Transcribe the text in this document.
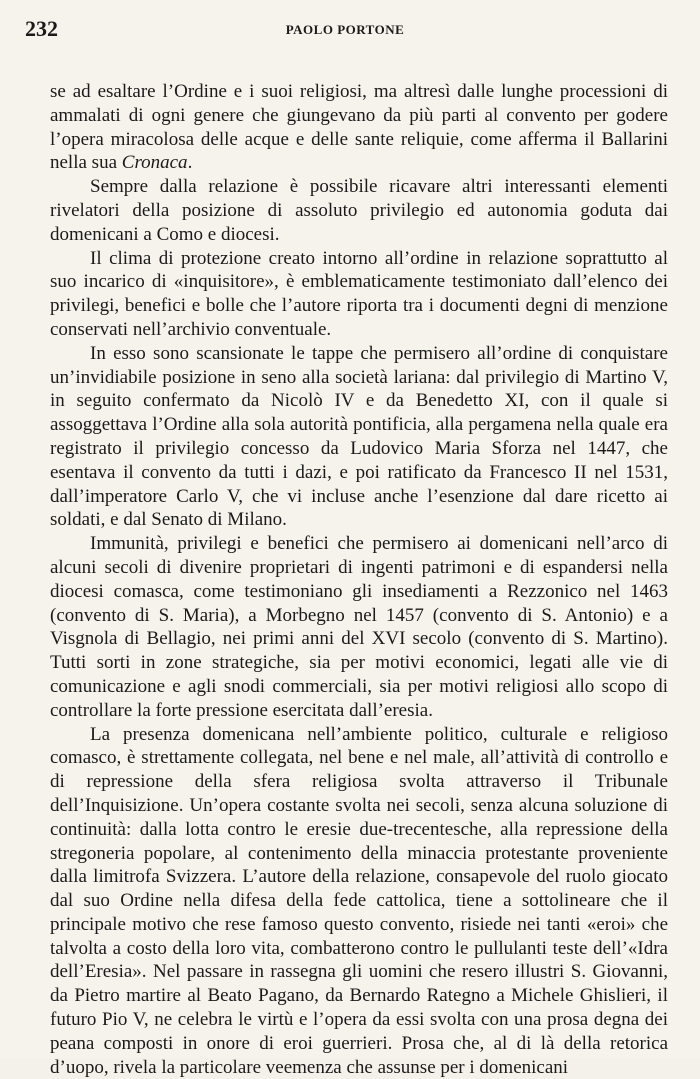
232	PAOLO PORTONE

se ad esaltare l’Ordine e i suoi religiosi, ma altresì dalle lunghe processioni di ammalati di ogni genere che giungevano da più parti al convento per godere l’opera miracolosa delle acque e delle sante reliquie, come afferma il Ballarini nella sua Cronaca.

Sempre dalla relazione è possibile ricavare altri interessanti elementi rivelatori della posizione di assoluto privilegio ed autonomia goduta dai domenicani a Como e diocesi.

Il clima di protezione creato intorno all’ordine in relazione soprattutto al suo incarico di «inquisitore», è emblematicamente testimoniato dall’elenco dei privilegi, benefici e bolle che l’autore riporta tra i documenti degni di menzione conservati nell’archivio conventuale.

In esso sono scansionate le tappe che permisero all’ordine di conquistare un’invidiabile posizione in seno alla società lariana: dal privilegio di Martino V, in seguito confermato da Nicolò IV e da Benedetto XI, con il quale si assoggettava l’Ordine alla sola autorità pontificia, alla pergamena nella quale era registrato il privilegio concesso da Ludovico Maria Sforza nel 1447, che esentava il convento da tutti i dazi, e poi ratificato da Francesco II nel 1531, dall’imperatore Carlo V, che vi incluse anche l’esenzione dal dare ricetto ai soldati, e dal Senato di Milano.

Immunità, privilegi e benefici che permisero ai domenicani nell’arco di alcuni secoli di divenire proprietari di ingenti patrimoni e di espandersi nella diocesi comasca, come testimoniano gli insediamenti a Rezzonico nel 1463 (convento di S. Maria), a Morbegno nel 1457 (convento di S. Antonio) e a Visgnola di Bellagio, nei primi anni del XVI secolo (convento di S. Martino). Tutti sorti in zone strategiche, sia per motivi economici, legati alle vie di comunicazione e agli snodi commerciali, sia per motivi religiosi allo scopo di controllare la forte pressione esercitata dall’eresia.

La presenza domenicana nell’ambiente politico, culturale e religioso comasco, è strettamente collegata, nel bene e nel male, all’attività di controllo e di repressione della sfera religiosa svolta attraverso il Tribunale dell’Inquisizione. Un’opera costante svolta nei secoli, senza alcuna soluzione di continuità: dalla lotta contro le eresie due-trecentesche, alla repressione della stregoneria popolare, al contenimento della minaccia protestante proveniente dalla limitrofa Svizzera. L’autore della relazione, consapevole del ruolo giocato dal suo Ordine nella difesa della fede cattolica, tiene a sottolineare che il principale motivo che rese famoso questo convento, risiede nei tanti «eroi» che talvolta a costo della loro vita, combatterono contro le pullulanti teste dell’«Idra dell’Eresia». Nel passare in rassegna gli uomini che resero illustri S. Giovanni, da Pietro martire al Beato Pagano, da Bernardo Rategno a Michele Ghislieri, il futuro Pio V, ne celebra le virtù e l’opera da essi svolta con una prosa degna dei peana composti in onore di eroi guerrieri. Prosa che, al di là della retorica d’uopo, rivela la particolare veemenza che assunse per i domenicani
